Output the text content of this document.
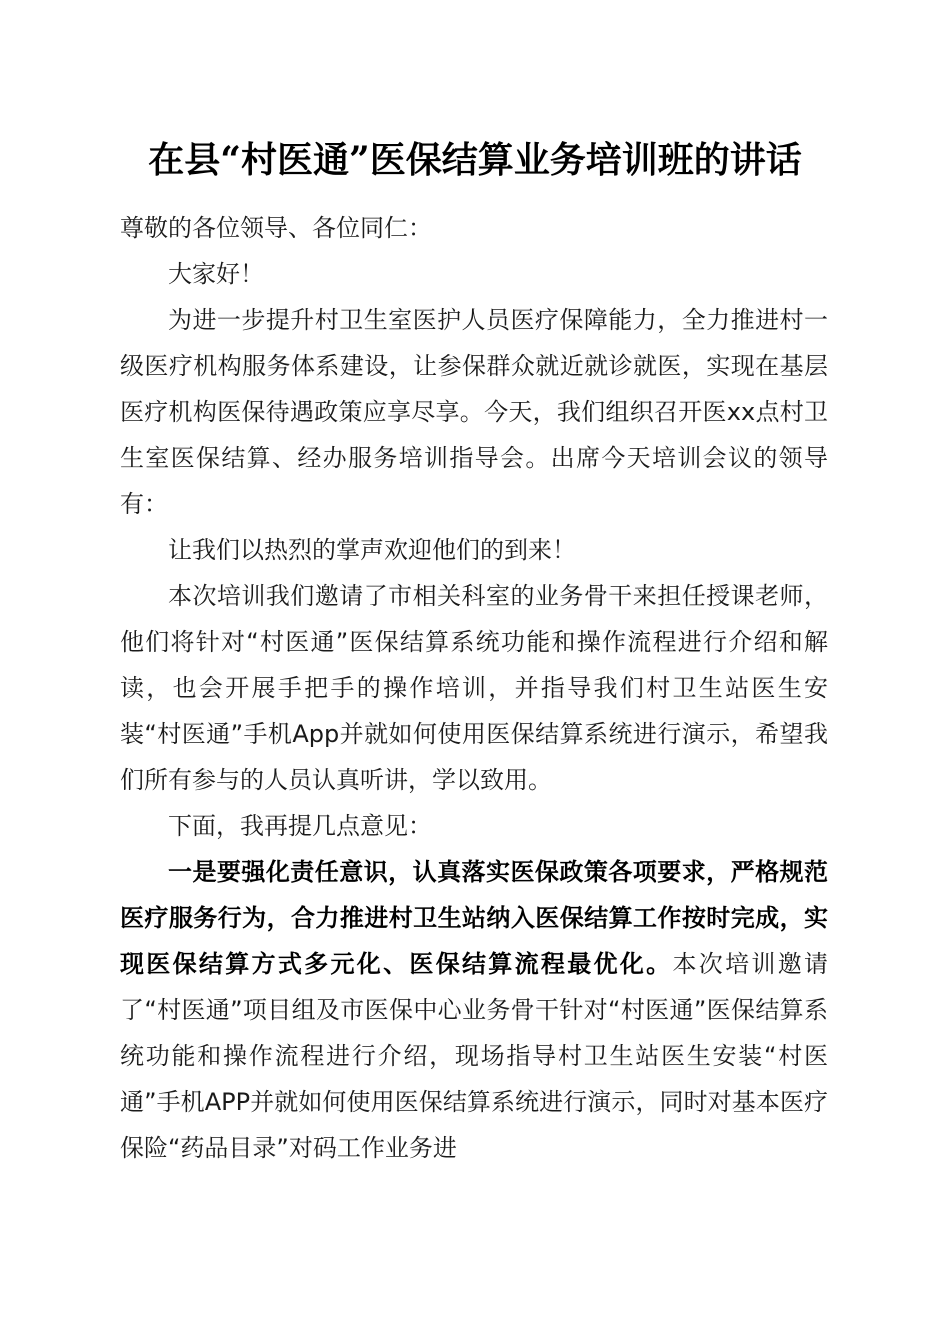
在县“村医通”医保结算业务培训班的讲话

尊敬的各位领导、各位同仁：

大家好！

为进一步提升村卫生室医护人员医疗保障能力，全力推进村一级医疗机构服务体系建设，让参保群众就近就诊就医，实现在基层医疗机构医保待遇政策应享尽享。今天，我们组织召开医xx点村卫生室医保结算、经办服务培训指导会。出席今天培训会议的领导有：

让我们以热烈的掌声欢迎他们的到来！

本次培训我们邀请了市相关科室的业务骨干来担任授课老师，他们将针对“村医通”医保结算系统功能和操作流程进行介绍和解读，也会开展手把手的操作培训，并指导我们村卫生站医生安装“村医通”手机App并就如何使用医保结算系统进行演示，希望我们所有参与的人员认真听讲，学以致用。

下面，我再提几点意见：

一是要强化责任意识，认真落实医保政策各项要求，严格规范医疗服务行为，合力推进村卫生站纳入医保结算工作按时完成，实现医保结算方式多元化、医保结算流程最优化。本次培训邀请了“村医通”项目组及市医保中心业务骨干针对“村医通”医保结算系统功能和操作流程进行介绍，现场指导村卫生站医生安装“村医通”手机APP并就如何使用医保结算系统进行演示，同时对基本医疗保险“药品目录”对码工作业务进
